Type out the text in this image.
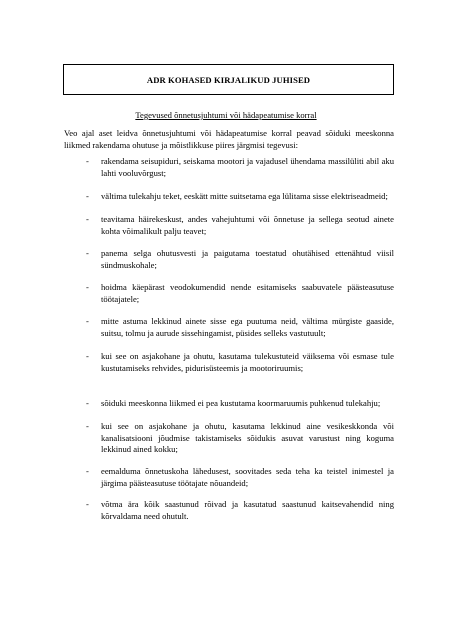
ADR KOHASED KIRJALIKUD JUHISED
Tegevused õnnetusjuhtumi või hädapeatumise korral
Veo ajal aset leidva õnnetusjuhtumi või hädapeatumise korral peavad sõiduki meeskonna liikmed rakendama ohutuse ja mõistlikkuse piires järgmisi tegevusi:
- rakendama seisupiduri, seiskama mootori ja vajadusel ühendama massilüliti abil aku lahti vooluvõrgust;
- vältima tulekahju teket, eeskätt mitte suitsetama ega lülitama sisse elektriseadmeid;
- teavitama häirekeskust, andes vahejuhtumi või õnnetuse ja sellega seotud ainete kohta võimalikult palju teavet;
- panema selga ohutusvesti ja paigutama toestatud ohutähised ettenähtud viisil sündmuskohale;
- hoidma käepärast veodokumendid nende esitamiseks saabuvatele päästeasutuse töötajatele;
- mitte astuma lekkinud ainete sisse ega puutuma neid, vältima mürgiste gaaside, suitsu, tolmu ja aurude sissehingamist, püsides selleks vastutuult;
- kui see on asjakohane ja ohutu, kasutama tulekustuteid väiksema või esmase tule kustutamiseks rehvides, pidurisüsteemis ja mootoriruumis;
- sõiduki meeskonna liikmed ei pea kustutama koormaruumis puhkenud tulekahju;
- kui see on asjakohane ja ohutu, kasutama lekkinud aine vesikeskkonda või kanalisatsiooni jõudmise takistamiseks sõidukis asuvat varustust ning koguma lekkinud ained kokku;
- eemalduma õnnetuskoha lähedusest, soovitades seda teha ka teistel inimestel ja järgima päästeasutuse töötajate nõuandeid;
- võtma ära kõik saastunud rõivad ja kasutatud saastunud kaitsevahendid ning kõrvaldama need ohutult.
